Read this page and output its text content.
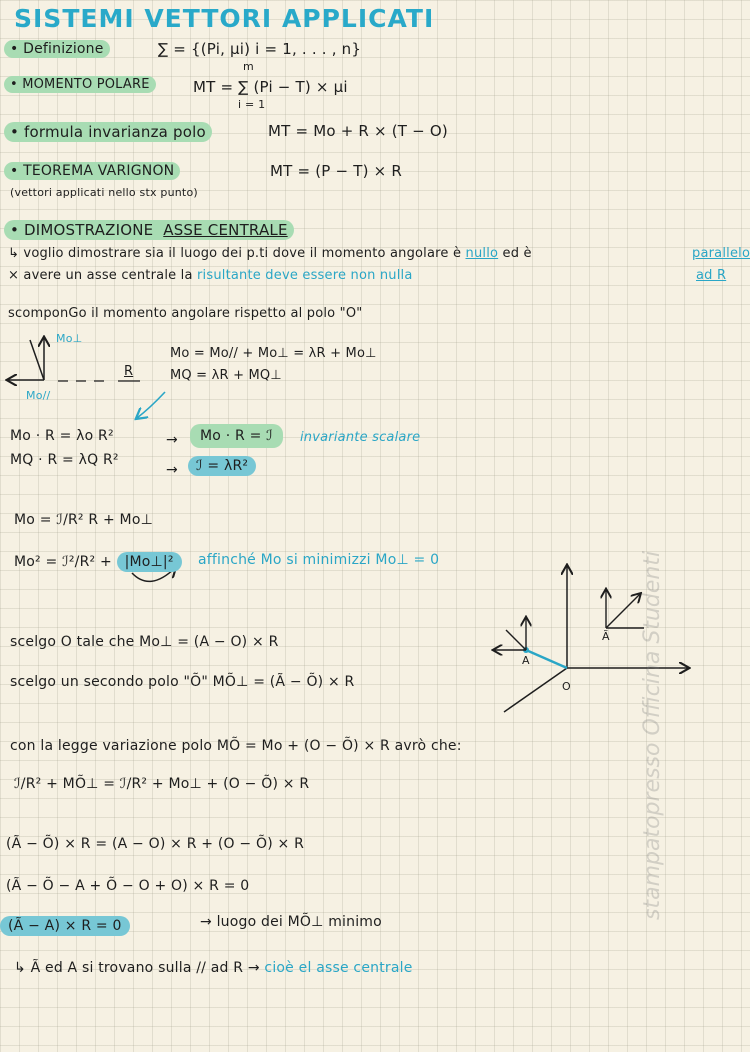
SISTEMI VETTORI APPLICATI
• Definizione	∑ = {(Pi, μi) i = 1, . . . , n}
• MOMENTO POLARE
m
MT = ∑ (Pi − T) × μi
i = 1
• formula invarianza polo	MT = Mo + R × (T − O)
• TEOREMA VARIGNON	MT = (P − T) × R
(vettori applicati nello stx punto)
• DIMOSTRAZIONE ASSE CENTRALE
↳ voglio dimostrare sia il luogo dei p.ti dove il momento angolare è nullo ed è	parallelo
× avere un asse centrale la risultante deve essere non nulla	ad R
scomponGo il momento angolare rispetto al polo "O"
Mo⊥
Mo//
R
Mo = Mo// + Mo⊥ = λR + Mo⊥
MQ = λR + MQ⊥
Mo · R = λo R²
MQ · R = λQ R²
→	Mo · R = ℐ	invariante scalare
→	ℐ = λR²
Mo = ℐ/R² R + Mo⊥
Mo² = ℐ²/R² + |Mo⊥|²	affinché Mo si minimizzi Mo⊥ = 0
scelgo O tale che Mo⊥ = (A − O) × R
scelgo un secondo polo "Õ" MÕ⊥ = (Ã − Õ) × R
A
O
Ã
con la legge variazione polo MÕ = Mo + (O − Õ) × R avrò che:
ℐ/R² + MÕ⊥ = ℐ/R² + Mo⊥ + (O − Õ) × R
(Ã − Õ) × R = (A − O) × R + (O − Õ) × R
(Ã − Õ − A + Õ − O + O) × R = 0
(Ã − A) × R = 0	→ luogo dei MÕ⊥ minimo
↳ Ã ed A si trovano sulla // ad R → cioè el asse centrale
stampatopresso Officina Studenti
